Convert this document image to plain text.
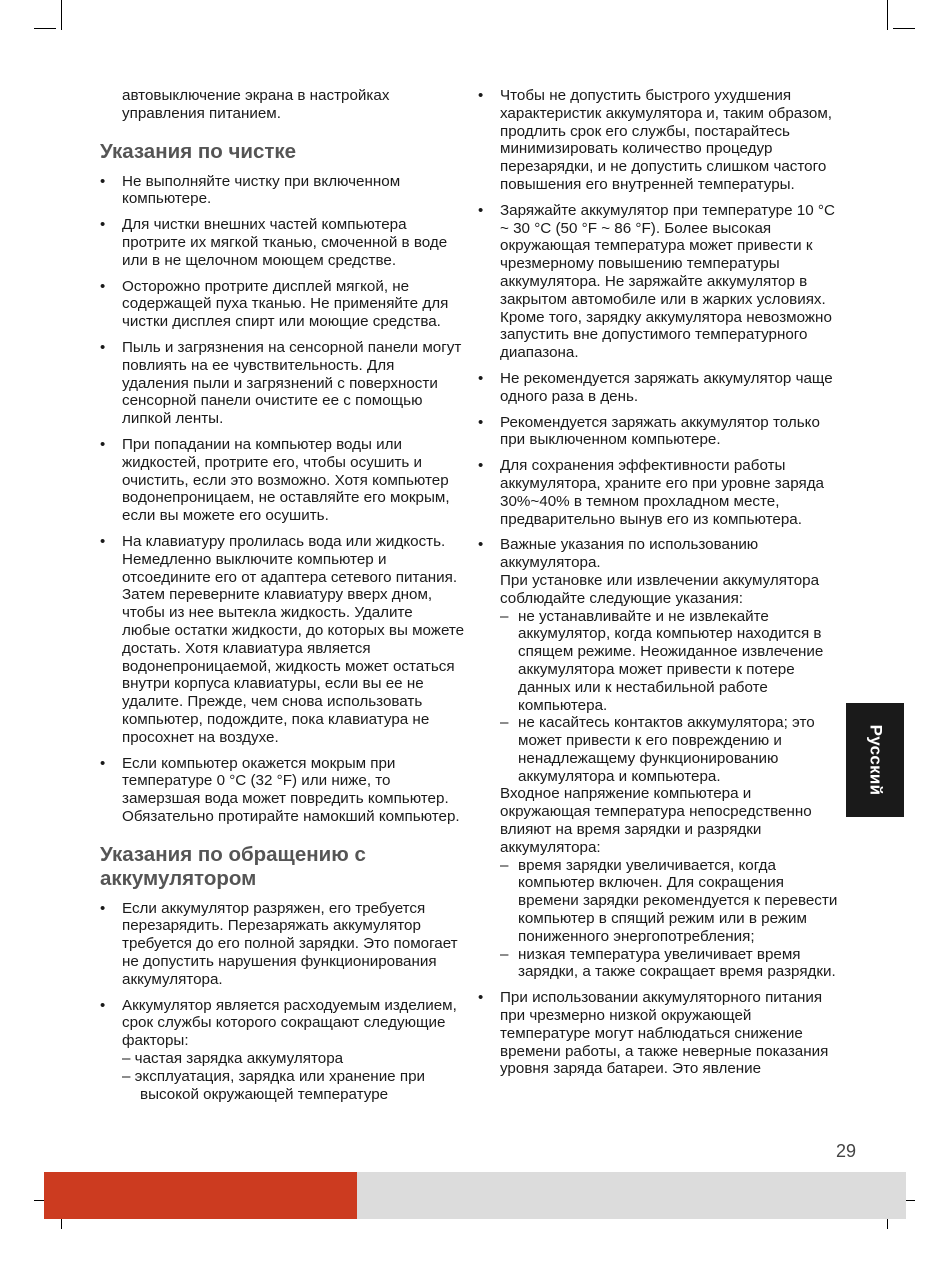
автовыключение экрана в настройках управления питанием.

Указания по чистке
• Не выполняйте чистку при включенном компьютере.
• Для чистки внешних частей компьютера протрите их мягкой тканью, смоченной в воде или в не щелочном моющем средстве.
• Осторожно протрите дисплей мягкой, не содержащей пуха тканью. Не применяйте для чистки дисплея спирт или моющие средства.
• Пыль и загрязнения на сенсорной панели могут повлиять на ее чувствительность. Для удаления пыли и загрязнений с поверхности сенсорной панели очистите ее с помощью липкой ленты.
• При попадании на компьютер воды или жидкостей, протрите его, чтобы осушить и очистить, если это возможно. Хотя компьютер водонепроницаем, не оставляйте его мокрым, если вы можете его осушить.
• На клавиатуру пролилась вода или жидкость. Немедленно выключите компьютер и отсоедините его от адаптера сетевого питания. Затем переверните клавиатуру вверх дном, чтобы из нее вытекла жидкость. Удалите любые остатки жидкости, до которых вы можете достать. Хотя клавиатура является водонепроницаемой, жидкость может остаться внутри корпуса клавиатуры, если вы ее не удалите. Прежде, чем снова использовать компьютер, подождите, пока клавиатура не просохнет на воздухе.
• Если компьютер окажется мокрым при температуре 0 °C (32 °F) или ниже, то замерзшая вода может повредить компьютер. Обязательно протирайте намокший компьютер.
Указания по обращению с аккумулятором
• Если аккумулятор разряжен, его требуется перезарядить. Перезаряжать аккумулятор требуется до его полной зарядки. Это помогает не допустить нарушения функционирования аккумулятора.
• Аккумулятор является расходуемым изделием, срок службы которого сокращают следующие факторы:
– частая зарядка аккумулятора
– эксплуатация, зарядка или хранение при высокой окружающей температуре
• Чтобы не допустить быстрого ухудшения характеристик аккумулятора и, таким образом, продлить срок его службы, постарайтесь минимизировать количество процедур перезарядки, и не допустить слишком частого повышения его внутренней температуры.
• Заряжайте аккумулятор при температуре 10 °C ~ 30 °C (50 °F ~ 86 °F). Более высокая окружающая температура может привести к чрезмерному повышению температуры аккумулятора. Не заряжайте аккумулятор в закрытом автомобиле или в жарких условиях. Кроме того, зарядку аккумулятора невозможно запустить вне допустимого температурного диапазона.
• Не рекомендуется заряжать аккумулятор чаще одного раза в день.
• Рекомендуется заряжать аккумулятор только при выключенном компьютере.
• Для сохранения эффективности работы аккумулятора, храните его при уровне заряда 30%~40% в темном прохладном месте, предварительно вынув его из компьютера.
• Важные указания по использованию аккумулятора.
При установке или извлечении аккумулятора соблюдайте следующие указания:
– не устанавливайте и не извлекайте аккумулятор, когда компьютер находится в спящем режиме. Неожиданное извлечение аккумулятора может привести к потере данных или к нестабильной работе компьютера.
– не касайтесь контактов аккумулятора; это может привести к его повреждению и ненадлежащему функционированию аккумулятора и компьютера.
Входное напряжение компьютера и окружающая температура непосредственно влияют на время зарядки и разрядки аккумулятора:
– время зарядки увеличивается, когда компьютер включен. Для сокращения времени зарядки рекомендуется к перевести компьютер в спящий режим или в режим пониженного энергопотребления;
– низкая температура увеличивает время зарядки, а также сокращает время разрядки.
• При использовании аккумуляторного питания при чрезмерно низкой окружающей температуре могут наблюдаться снижение времени работы, а также неверные показания уровня заряда батареи. Это явление
Русский
29
